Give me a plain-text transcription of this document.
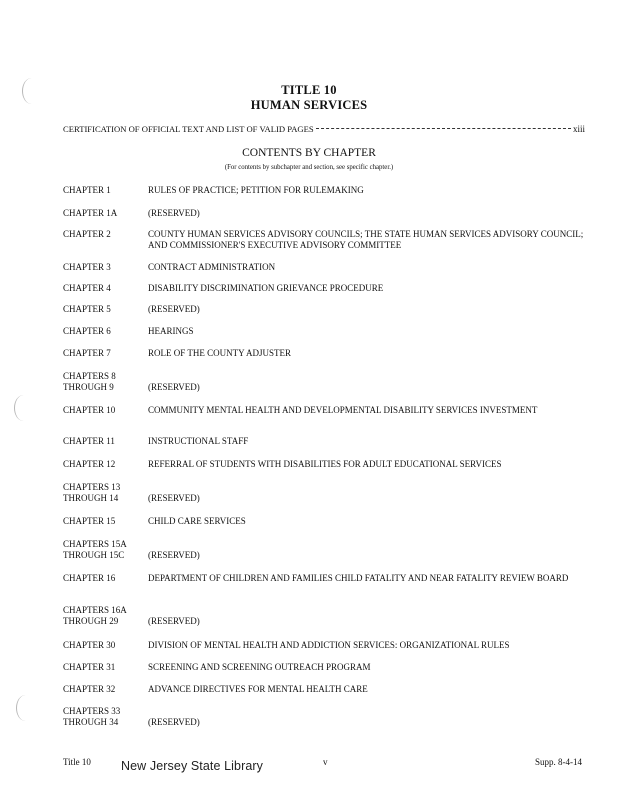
TITLE 10
HUMAN SERVICES
CERTIFICATION OF OFFICIAL TEXT AND LIST OF VALID PAGES	xiii
CONTENTS BY CHAPTER
(For contents by subchapter and section, see specific chapter.)
CHAPTER 1	RULES OF PRACTICE; PETITION FOR RULEMAKING
CHAPTER 1A	(RESERVED)
CHAPTER 2	COUNTY HUMAN SERVICES ADVISORY COUNCILS; THE STATE HUMAN SERVICES ADVISORY COUNCIL; AND COMMISSIONER'S EXECUTIVE ADVISORY COMMITTEE
CHAPTER 3	CONTRACT ADMINISTRATION
CHAPTER 4	DISABILITY DISCRIMINATION GRIEVANCE PROCEDURE
CHAPTER 5	(RESERVED)
CHAPTER 6	HEARINGS
CHAPTER 7	ROLE OF THE COUNTY ADJUSTER
CHAPTERS 8
THROUGH 9	(RESERVED)
CHAPTER 10	COMMUNITY MENTAL HEALTH AND DEVELOPMENTAL DISABILITY SERVICES INVESTMENT
CHAPTER 11	INSTRUCTIONAL STAFF
CHAPTER 12	REFERRAL OF STUDENTS WITH DISABILITIES FOR ADULT EDUCATIONAL SERVICES
CHAPTERS 13
THROUGH 14	(RESERVED)
CHAPTER 15	CHILD CARE SERVICES
CHAPTERS 15A
THROUGH 15C	(RESERVED)
CHAPTER 16	DEPARTMENT OF CHILDREN AND FAMILIES CHILD FATALITY AND NEAR FATALITY REVIEW BOARD
CHAPTERS 16A
THROUGH 29	(RESERVED)
CHAPTER 30	DIVISION OF MENTAL HEALTH AND ADDICTION SERVICES: ORGANIZATIONAL RULES
CHAPTER 31	SCREENING AND SCREENING OUTREACH PROGRAM
CHAPTER 32	ADVANCE DIRECTIVES FOR MENTAL HEALTH CARE
CHAPTERS 33
THROUGH 34	(RESERVED)
Title 10 New Jersey State Library	v	Supp. 8-4-14
